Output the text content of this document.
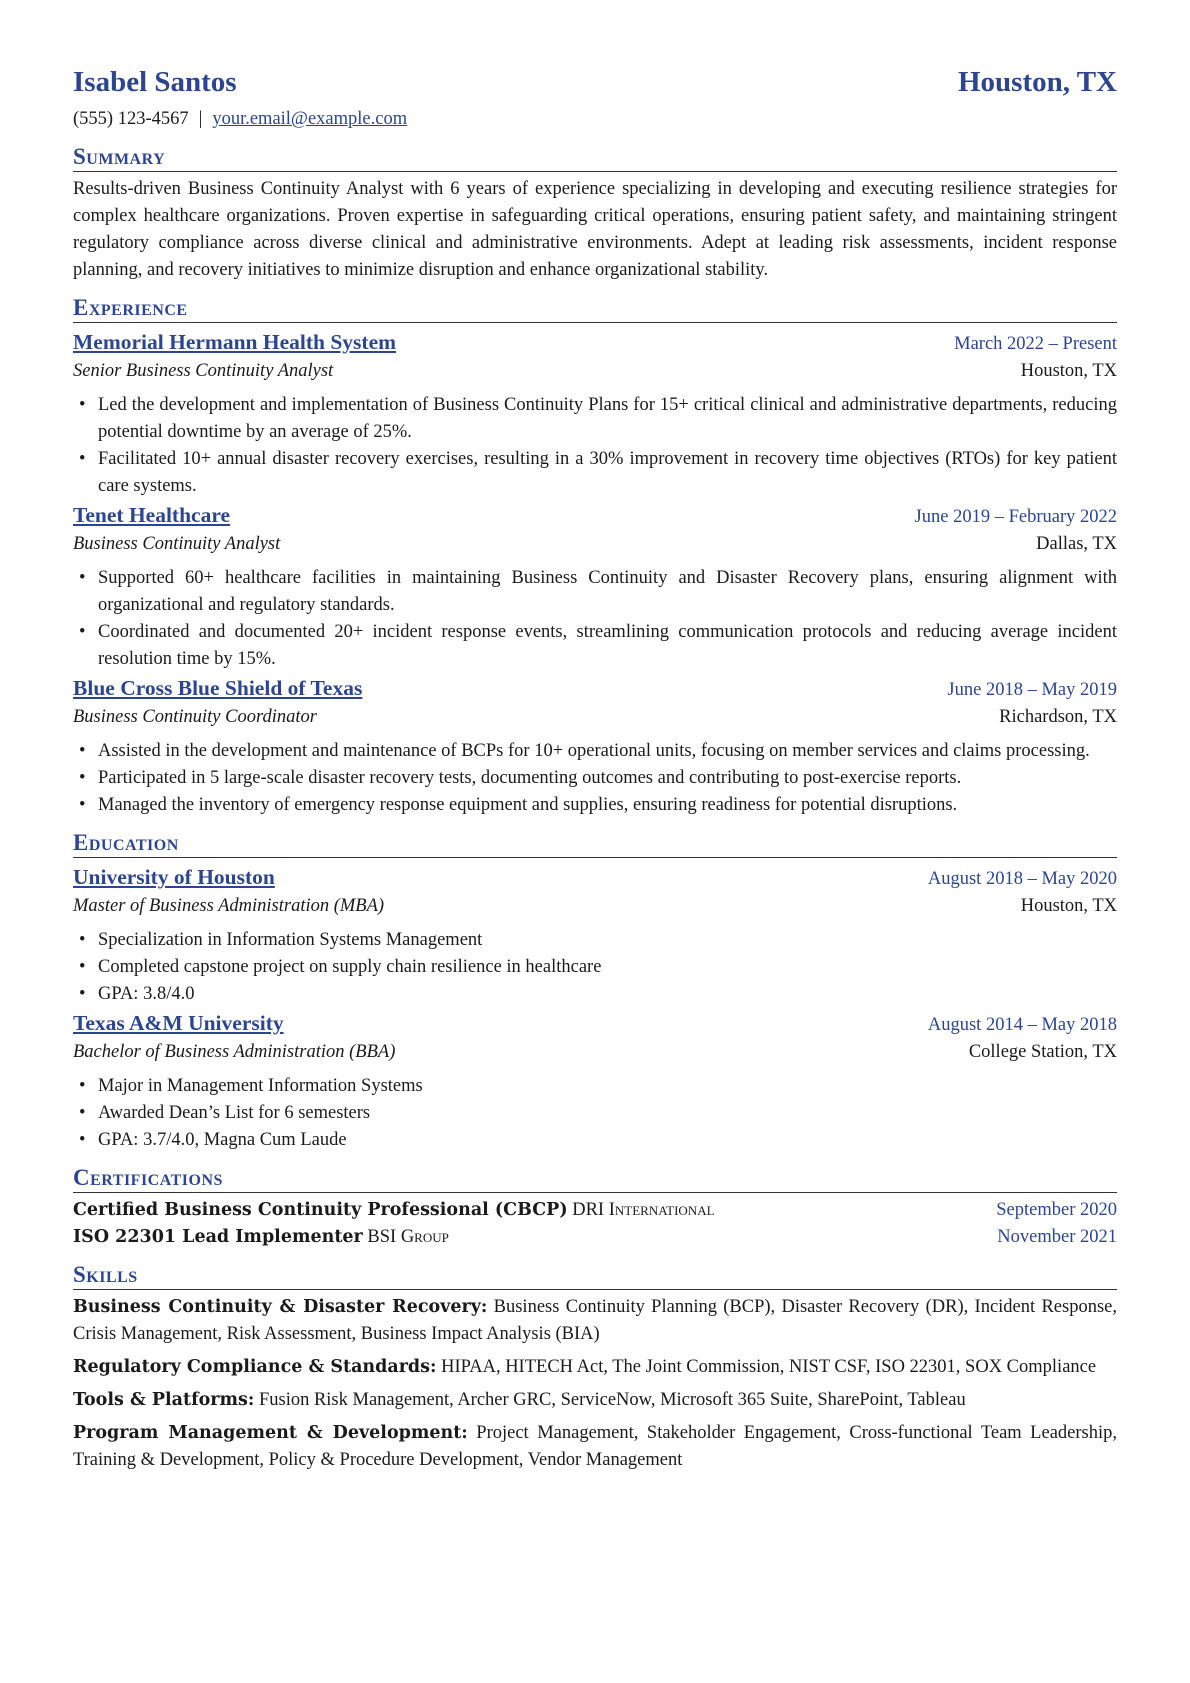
Isabel Santos	Houston, TX
(555) 123-4567 | your.email@example.com
Summary

Results-driven Business Continuity Analyst with 6 years of experience specializing in developing and executing resilience strategies for complex healthcare organizations. Proven expertise in safeguarding critical operations, ensuring patient safety, and maintaining stringent regulatory compliance across diverse clinical and administrative environments. Adept at leading risk assessments, incident response planning, and recovery initiatives to minimize disruption and enhance organizational stability.

Experience
Memorial Hermann Health System	March 2022 – Present
Senior Business Continuity Analyst	Houston, TX
• Led the development and implementation of Business Continuity Plans for 15+ critical clinical and administrative departments, reducing potential downtime by an average of 25%.
• Facilitated 10+ annual disaster recovery exercises, resulting in a 30% improvement in recovery time objectives (RTOs) for key patient care systems.
Tenet Healthcare	June 2019 – February 2022
Business Continuity Analyst	Dallas, TX
• Supported 60+ healthcare facilities in maintaining Business Continuity and Disaster Recovery plans, ensuring alignment with organizational and regulatory standards.
• Coordinated and documented 20+ incident response events, streamlining communication protocols and reducing average incident resolution time by 15%.
Blue Cross Blue Shield of Texas	June 2018 – May 2019
Business Continuity Coordinator	Richardson, TX
• Assisted in the development and maintenance of BCPs for 10+ operational units, focusing on member services and claims processing.
• Participated in 5 large-scale disaster recovery tests, documenting outcomes and contributing to post-exercise reports.
• Managed the inventory of emergency response equipment and supplies, ensuring readiness for potential disruptions.
Education
University of Houston	August 2018 – May 2020
Master of Business Administration (MBA)	Houston, TX
• Specialization in Information Systems Management
• Completed capstone project on supply chain resilience in healthcare
• GPA: 3.8/4.0
Texas A&M University	August 2014 – May 2018
Bachelor of Business Administration (BBA)	College Station, TX
• Major in Management Information Systems
• Awarded Dean’s List for 6 semesters
• GPA: 3.7/4.0, Magna Cum Laude
Certifications
Certified Business Continuity Professional (CBCP) DRI International	September 2020
ISO 22301 Lead Implementer BSI Group	November 2021
Skills

Business Continuity & Disaster Recovery: Business Continuity Planning (BCP), Disaster Recovery (DR), Incident Response, Crisis Management, Risk Assessment, Business Impact Analysis (BIA)

Regulatory Compliance & Standards: HIPAA, HITECH Act, The Joint Commission, NIST CSF, ISO 22301, SOX Compliance

Tools & Platforms: Fusion Risk Management, Archer GRC, ServiceNow, Microsoft 365 Suite, SharePoint, Tableau

Program Management & Development: Project Management, Stakeholder Engagement, Cross-functional Team Leadership, Training & Development, Policy & Procedure Development, Vendor Management
